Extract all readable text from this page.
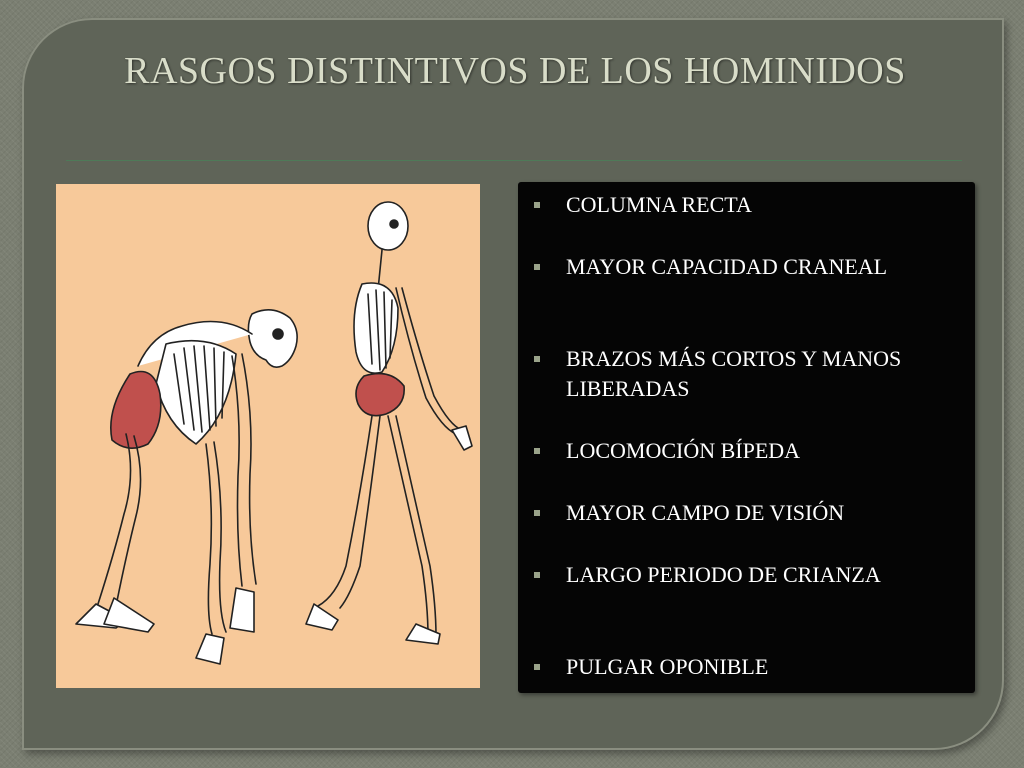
RASGOS DISTINTIVOS DE LOS HOMINIDOS
COLUMNA RECTA
MAYOR CAPACIDAD CRANEAL
BRAZOS MÁS CORTOS Y MANOS LIBERADAS
LOCOMOCIÓN BÍPEDA
MAYOR CAMPO DE VISIÓN
LARGO PERIODO DE CRIANZA
PULGAR OPONIBLE
